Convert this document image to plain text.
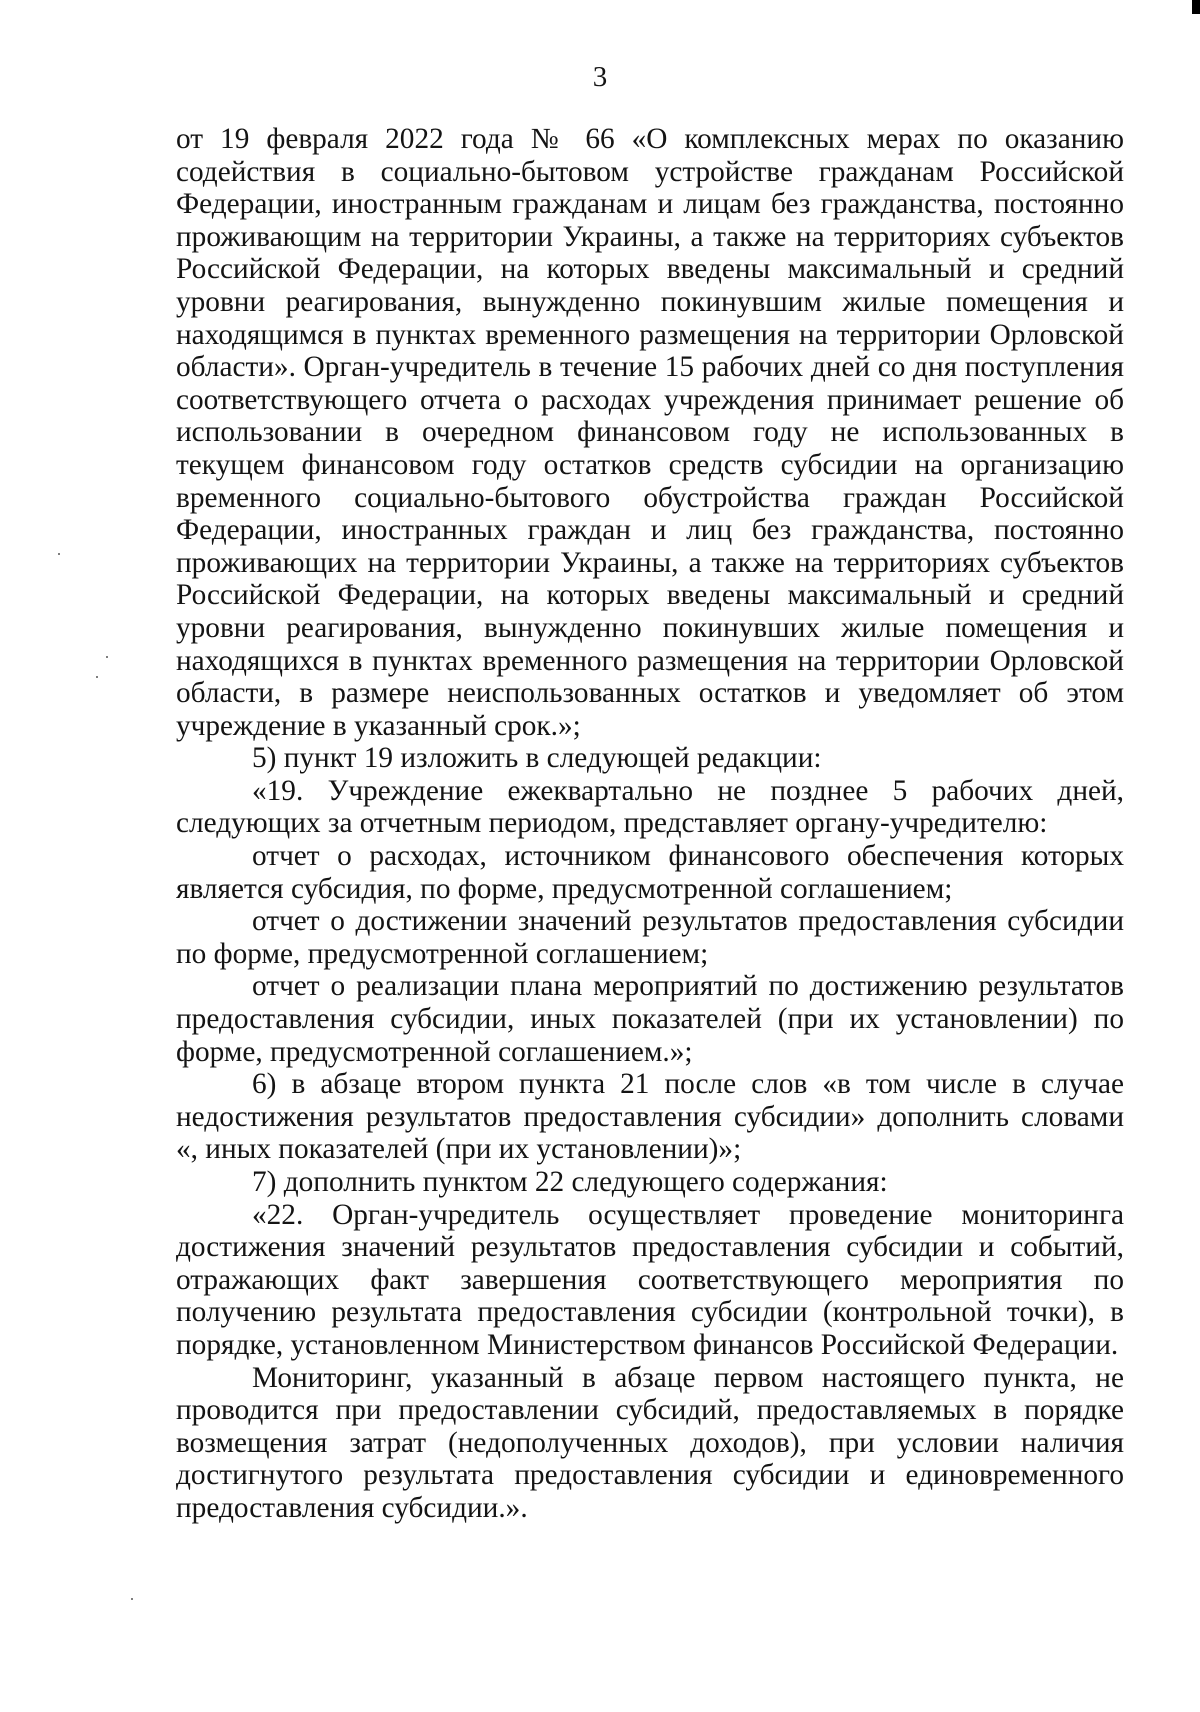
3

от 19 февраля 2022 года № 66 «О комплексных мерах по оказанию содействия в социально-бытовом устройстве гражданам Российской Федерации, иностранным гражданам и лицам без гражданства, постоянно проживающим на территории Украины, а также на территориях субъектов Российской Федерации, на которых введены максимальный и средний уровни реагирования, вынужденно покинувшим жилые помещения и находящимся в пунктах временного размещения на территории Орловской области». Орган-учредитель в течение 15 рабочих дней со дня поступления соответствующего отчета о расходах учреждения принимает решение об использовании в очередном финансовом году не использованных в текущем финансовом году остатков средств субсидии на организацию временного социально-бытового обустройства граждан Российской Федерации, иностранных граждан и лиц без гражданства, постоянно проживающих на территории Украины, а также на территориях субъектов Российской Федерации, на которых введены максимальный и средний уровни реагирования, вынужденно покинувших жилые помещения и находящихся в пунктах временного размещения на территории Орловской области, в размере неиспользованных остатков и уведомляет об этом учреждение в указанный срок.»;

5) пункт 19 изложить в следующей редакции:

«19. Учреждение ежеквартально не позднее 5 рабочих дней, следующих за отчетным периодом, представляет органу-учредителю:

отчет о расходах, источником финансового обеспечения которых является субсидия, по форме, предусмотренной соглашением;

отчет о достижении значений результатов предоставления субсидии по форме, предусмотренной соглашением;

отчет о реализации плана мероприятий по достижению результатов предоставления субсидии, иных показателей (при их установлении) по форме, предусмотренной соглашением.»;

6) в абзаце втором пункта 21 после слов «в том числе в случае недостижения результатов предоставления субсидии» дополнить словами «, иных показателей (при их установлении)»;

7) дополнить пунктом 22 следующего содержания:

«22. Орган-учредитель осуществляет проведение мониторинга достижения значений результатов предоставления субсидии и событий, отражающих факт завершения соответствующего мероприятия по получению результата предоставления субсидии (контрольной точки), в порядке, установленном Министерством финансов Российской Федерации.

Мониторинг, указанный в абзаце первом настоящего пункта, не проводится при предоставлении субсидий, предоставляемых в порядке возмещения затрат (недополученных доходов), при условии наличия достигнутого результата предоставления субсидии и единовременного предоставления субсидии.».
